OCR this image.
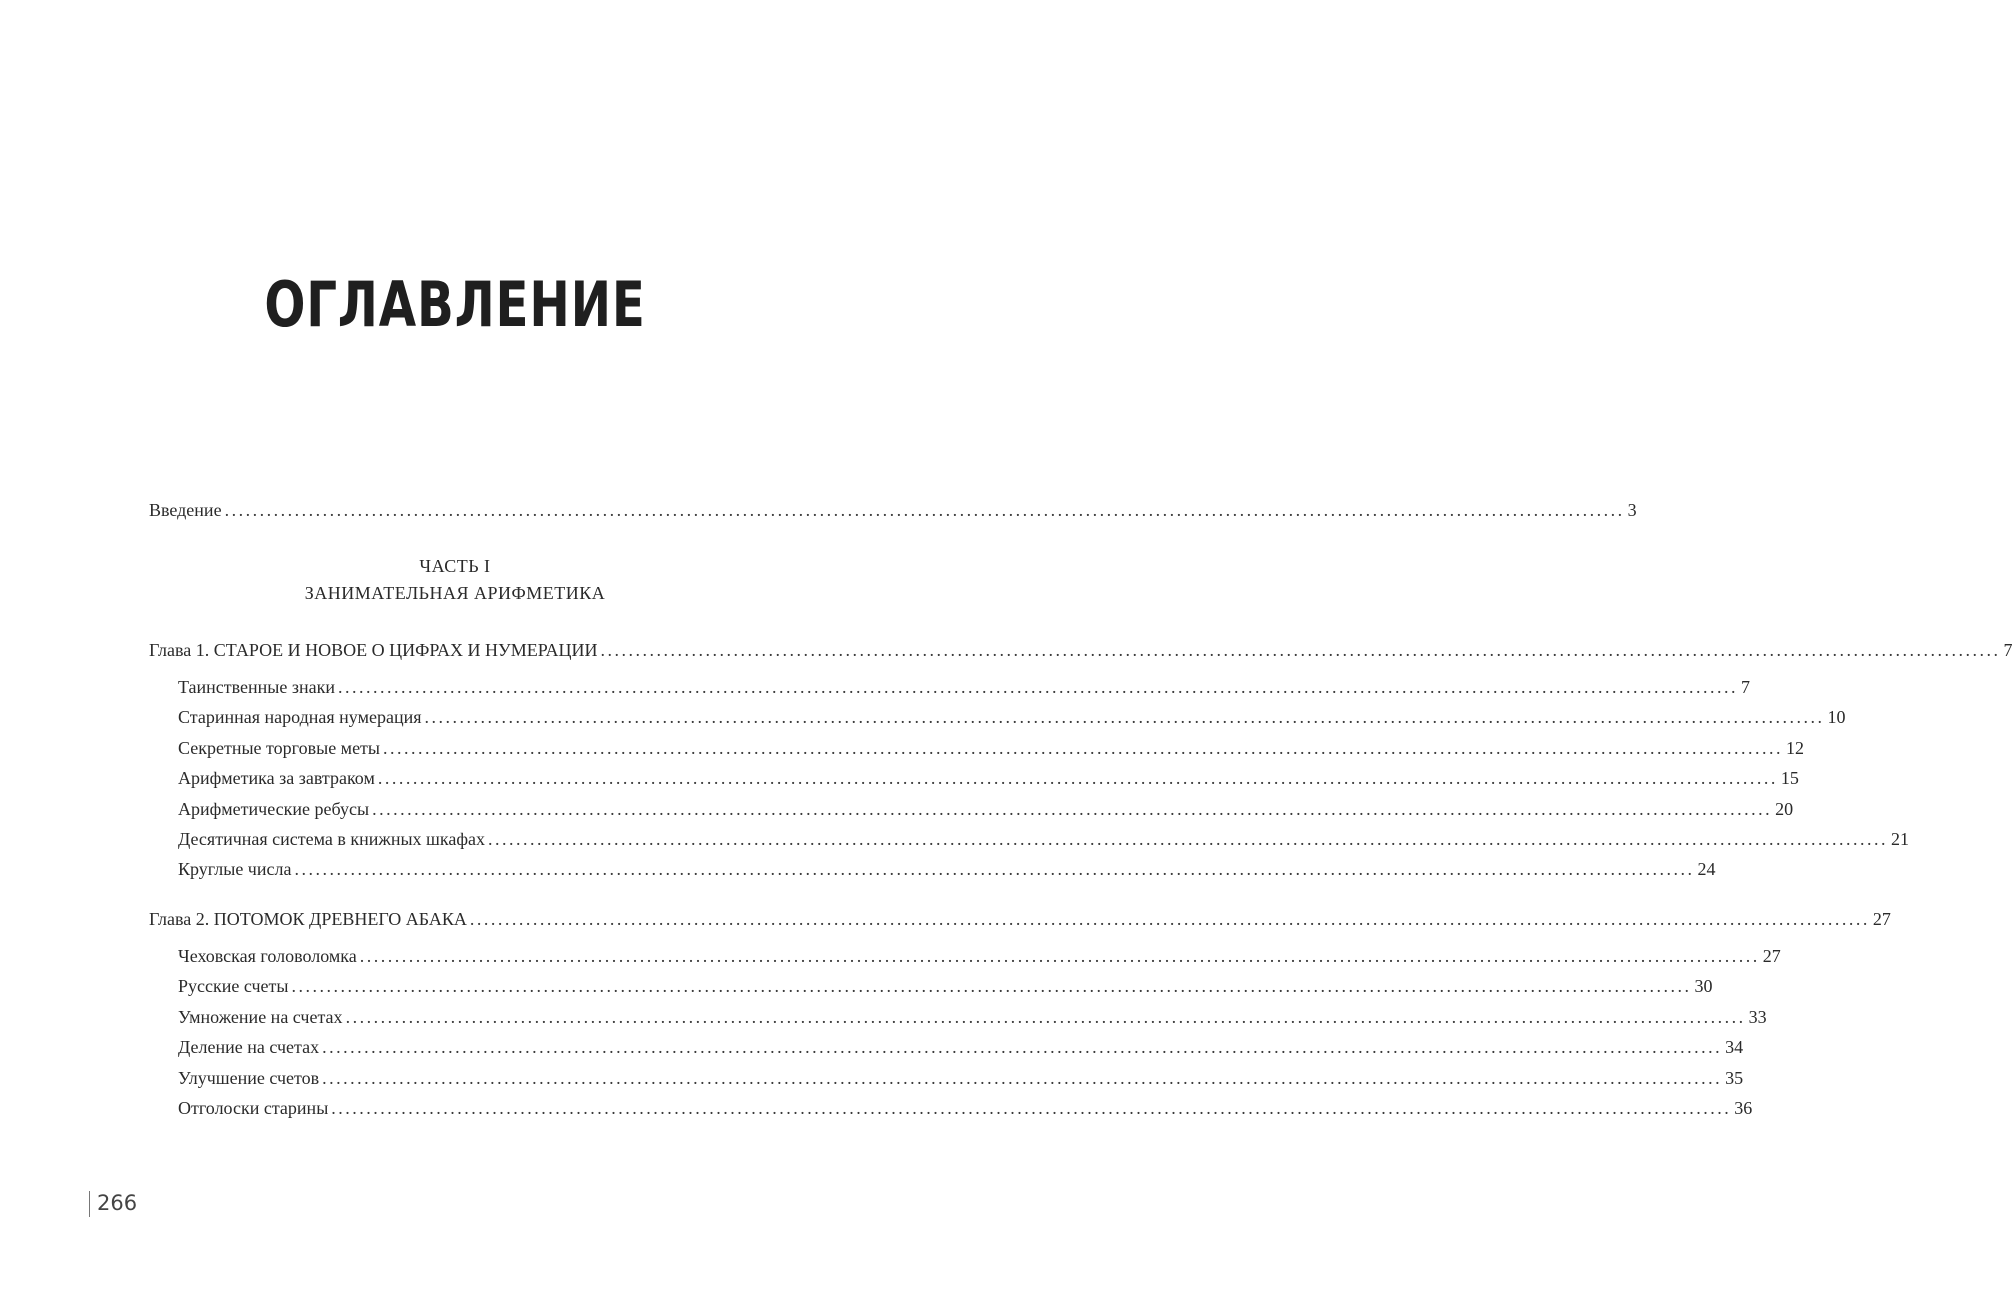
ОГЛАВЛЕНИЕ
Введение ........................................................................................................................................................................................................ 3
ЧАСТЬ I
ЗАНИМАТЕЛЬНАЯ АРИФМЕТИКА
Глава 1. СТАРОЕ И НОВОЕ О ЦИФРАХ И НУМЕРАЦИИ ........................................................................................................................................................................................................ 7
Таинственные знаки ........................................................................................................................................................................................................ 7
Старинная народная нумерация ........................................................................................................................................................................................................ 10
Секретные торговые меты ........................................................................................................................................................................................................ 12
Арифметика за завтраком ........................................................................................................................................................................................................ 15
Арифметические ребусы ........................................................................................................................................................................................................ 20
Десятичная система в книжных шкафах ........................................................................................................................................................................................................ 21
Круглые числа ........................................................................................................................................................................................................ 24
Глава 2. ПОТОМОК ДРЕВНЕГО АБАКА ........................................................................................................................................................................................................ 27
Чеховская головоломка ........................................................................................................................................................................................................ 27
Русские счеты ........................................................................................................................................................................................................ 30
Умножение на счетах ........................................................................................................................................................................................................ 33
Деление на счетах ........................................................................................................................................................................................................ 34
Улучшение счетов ........................................................................................................................................................................................................ 35
Отголоски старины ........................................................................................................................................................................................................ 36
266
